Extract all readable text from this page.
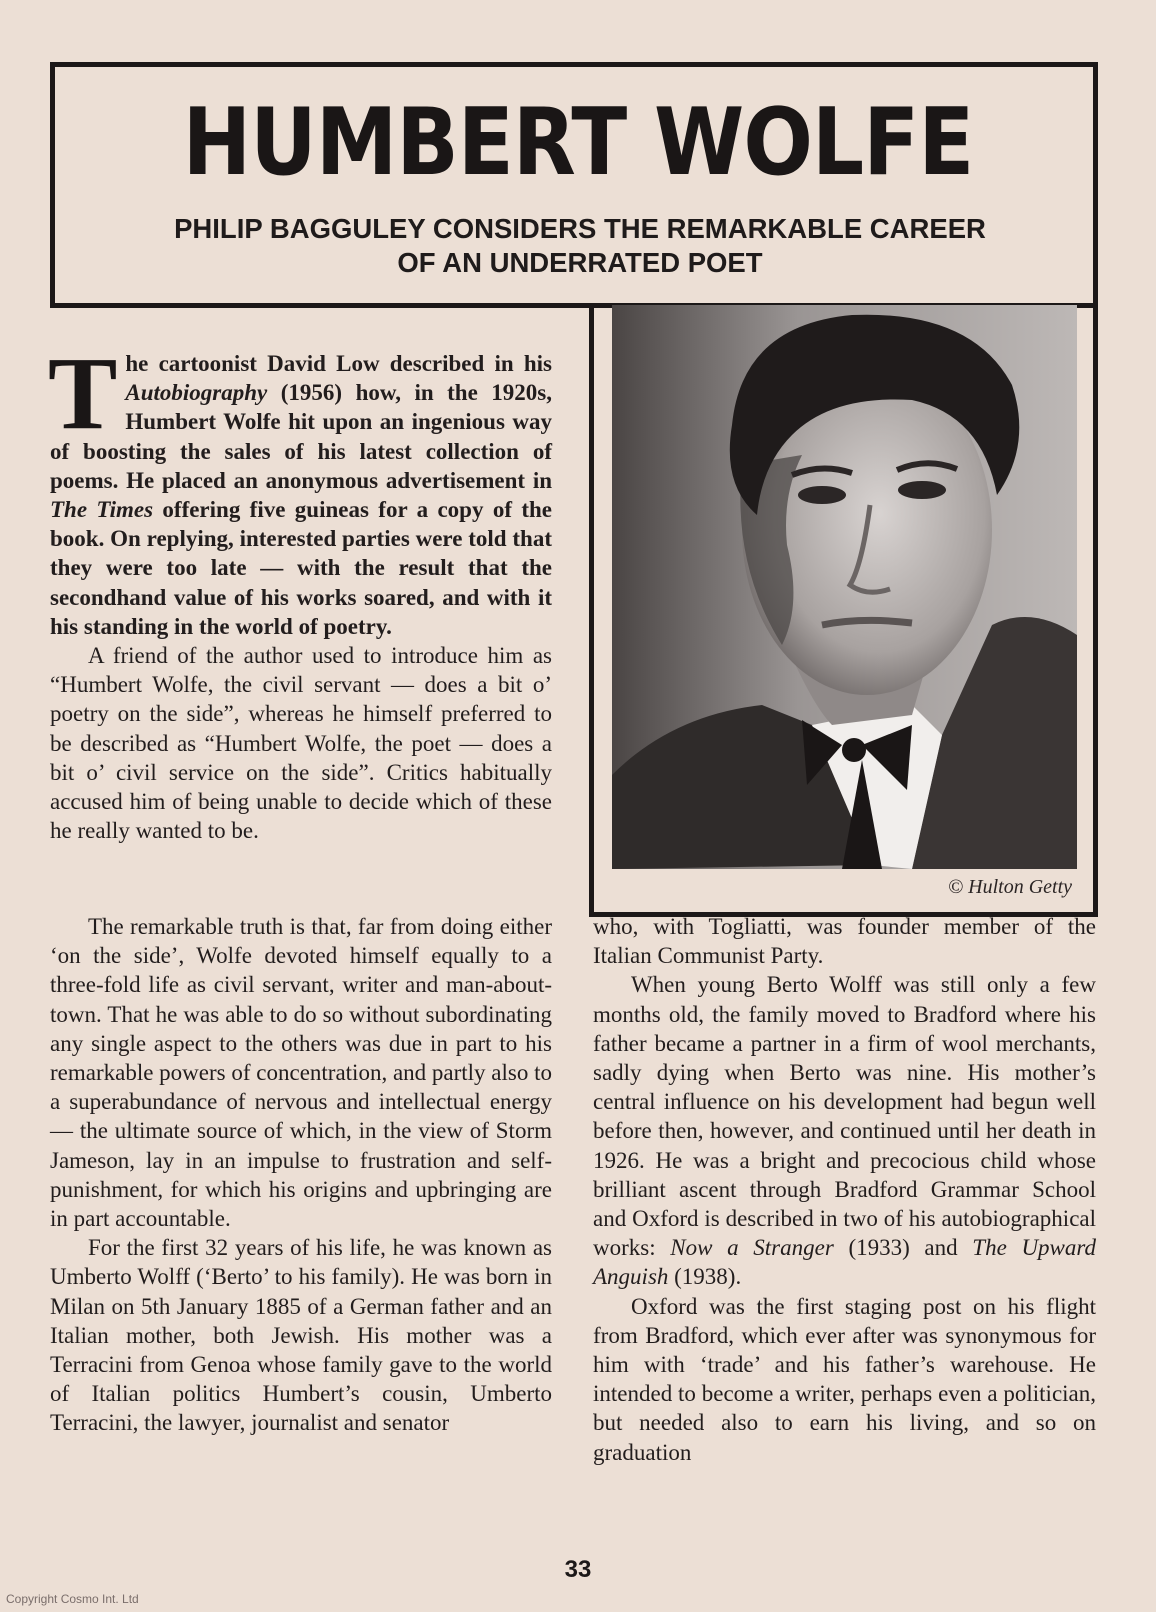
HUMBERT WOLFE
PHILIP BAGGULEY CONSIDERS THE REMARKABLE CAREER
OF AN UNDERRATED POET
© Hulton Getty

The cartoonist David Low described in his Autobiography (1956) how, in the 1920s, Humbert Wolfe hit upon an ingenious way of boosting the sales of his latest collection of poems. He placed an anonymous advertisement in The Times offering five guineas for a copy of the book. On replying, interested parties were told that they were too late — with the result that the secondhand value of his works soared, and with it his standing in the world of poetry.

A friend of the author used to introduce him as “Humbert Wolfe, the civil servant — does a bit o’ poetry on the side”, whereas he himself preferred to be described as “Humbert Wolfe, the poet — does a bit o’ civil service on the side”. Critics habitually accused him of being unable to decide which of these he really wanted to be.

The remarkable truth is that, far from doing either ‘on the side’, Wolfe devoted himself equally to a three-fold life as civil servant, writer and man-about-town. That he was able to do so without subordinating any single aspect to the others was due in part to his remarkable powers of concentration, and partly also to a superabundance of nervous and intellectual energy — the ultimate source of which, in the view of Storm Jameson, lay in an impulse to frustration and self-punishment, for which his origins and upbringing are in part accountable.

For the first 32 years of his life, he was known as Umberto Wolff (‘Berto’ to his family). He was born in Milan on 5th January 1885 of a German father and an Italian mother, both Jewish. His mother was a Terracini from Genoa whose family gave to the world of Italian politics Humbert’s cousin, Umberto Terracini, the lawyer, journalist and senator

who, with Togliatti, was founder member of the Italian Communist Party.

When young Berto Wolff was still only a few months old, the family moved to Bradford where his father became a partner in a firm of wool merchants, sadly dying when Berto was nine. His mother’s central influence on his development had begun well before then, however, and continued until her death in 1926. He was a bright and precocious child whose brilliant ascent through Bradford Grammar School and Oxford is described in two of his autobiographical works: Now a Stranger (1933) and The Upward Anguish (1938).

Oxford was the first staging post on his flight from Bradford, which ever after was synonymous for him with ‘trade’ and his father’s warehouse. He intended to become a writer, perhaps even a politician, but needed also to earn his living, and so on graduation

33
Copyright Cosmo Int. Ltd
